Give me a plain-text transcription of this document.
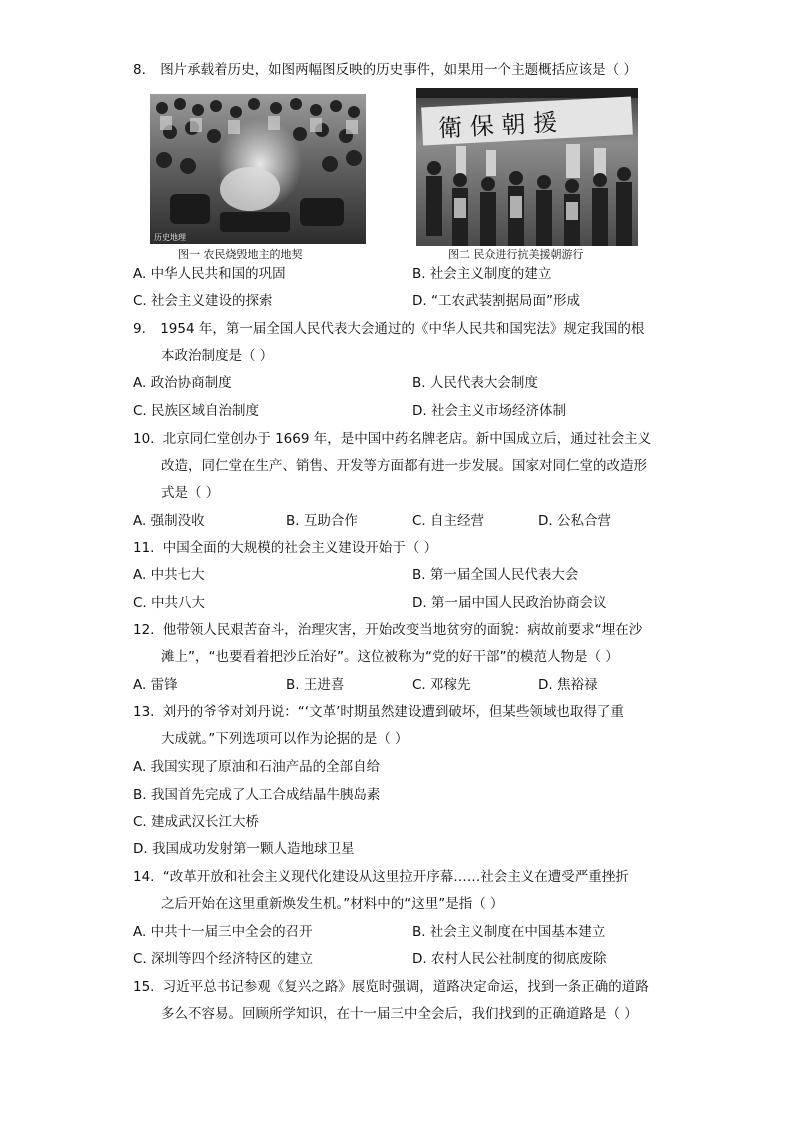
8. 图片承载着历史，如图两幅图反映的历史事件，如果用一个主题概括应该是（ ）
历史地理
图一 农民烧毁地主的地契
衛 保 朝 援
图二 民众进行抗美援朝游行
A. 中华人民共和国的巩固	B. 社会主义制度的建立
C. 社会主义建设的探索	D. “工农武装割据局面”形成
9. 1954 年，第一届全国人民代表大会通过的《中华人民共和国宪法》规定我国的根
本政治制度是（ ）
A. 政治协商制度	B. 人民代表大会制度
C. 民族区域自治制度	D. 社会主义市场经济体制
10. 北京同仁堂创办于 1669 年，是中国中药名牌老店。新中国成立后，通过社会主义
改造，同仁堂在生产、销售、开发等方面都有进一步发展。国家对同仁堂的改造形
式是（ ）
A. 强制没收	B. 互助合作	C. 自主经营	D. 公私合营
11. 中国全面的大规模的社会主义建设开始于（ ）
A. 中共七大	B. 第一届全国人民代表大会
C. 中共八大	D. 第一届中国人民政治协商会议
12. 他带领人民艰苦奋斗，治理灾害，开始改变当地贫穷的面貌：病故前要求“埋在沙
滩上”，“也要看着把沙丘治好”。这位被称为“党的好干部”的模范人物是（ ）
A. 雷锋	B. 王进喜	C. 邓稼先	D. 焦裕禄
13. 刘丹的爷爷对刘丹说：“‘文革’时期虽然建设遭到破坏，但某些领域也取得了重
大成就。”下列选项可以作为论据的是（ ）
A. 我国实现了原油和石油产品的全部自给
B. 我国首先完成了人工合成结晶牛胰岛素
C. 建成武汉长江大桥
D. 我国成功发射第一颗人造地球卫星
14. “改革开放和社会主义现代化建设从这里拉开序幕……社会主义在遭受严重挫折
之后开始在这里重新焕发生机。”材料中的“这里”是指（ ）
A. 中共十一届三中全会的召开	B. 社会主义制度在中国基本建立
C. 深圳等四个经济特区的建立	D. 农村人民公社制度的彻底废除
15. 习近平总书记参观《复兴之路》展览时强调，道路决定命运，找到一条正确的道路
多么不容易。回顾所学知识，在十一届三中全会后，我们找到的正确道路是（ ）
